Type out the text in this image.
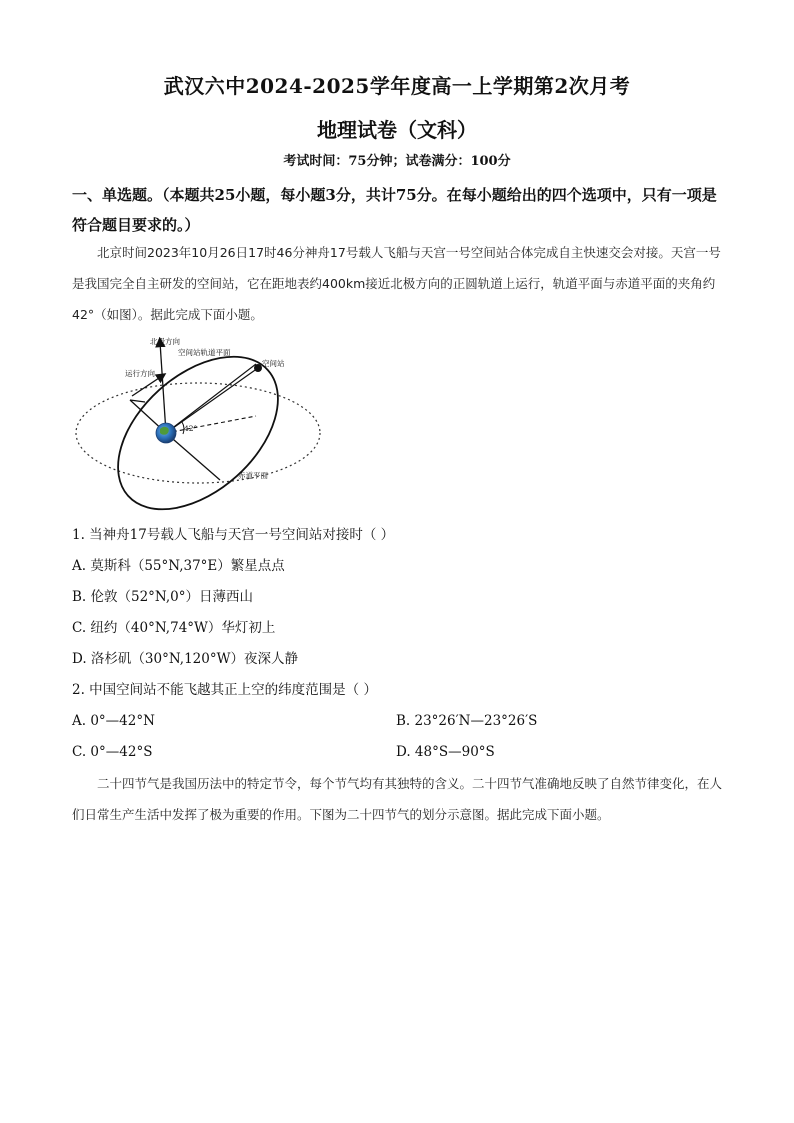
武汉六中2024-2025学年度高一上学期第2次月考
地理试卷（文科）
考试时间：75分钟；试卷满分：100分
一、单选题。（本题共25小题，每小题3分，共计75分。在每小题给出的四个选项中，只有一项是符合题目要求的。）
北京时间2023年10月26日17时46分神舟17号载人飞船与天宫一号空间站合体完成自主快速交会对接。天宫一号是我国完全自主研发的空间站，它在距地表约400km接近北极方向的正圆轨道上运行，轨道平面与赤道平面的夹角约42°（如图）。据此完成下面小题。
北极方向
空间站轨道平面
空间站
运行方向
42°
赤道平面
1. 当神舟17号载人飞船与天宫一号空间站对接时（ ）
A. 莫斯科（55°N,37°E）繁星点点
B. 伦敦（52°N,0°）日薄西山
C. 纽约（40°N,74°W）华灯初上
D. 洛杉矶（30°N,120°W）夜深人静
2. 中国空间站不能飞越其正上空的纬度范围是（ ）
A. 0°—42°N	B. 23°26′N—23°26′S
C. 0°—42°S	D. 48°S—90°S
二十四节气是我国历法中的特定节令，每个节气均有其独特的含义。二十四节气准确地反映了自然节律变化，在人们日常生产生活中发挥了极为重要的作用。下图为二十四节气的划分示意图。据此完成下面小题。
